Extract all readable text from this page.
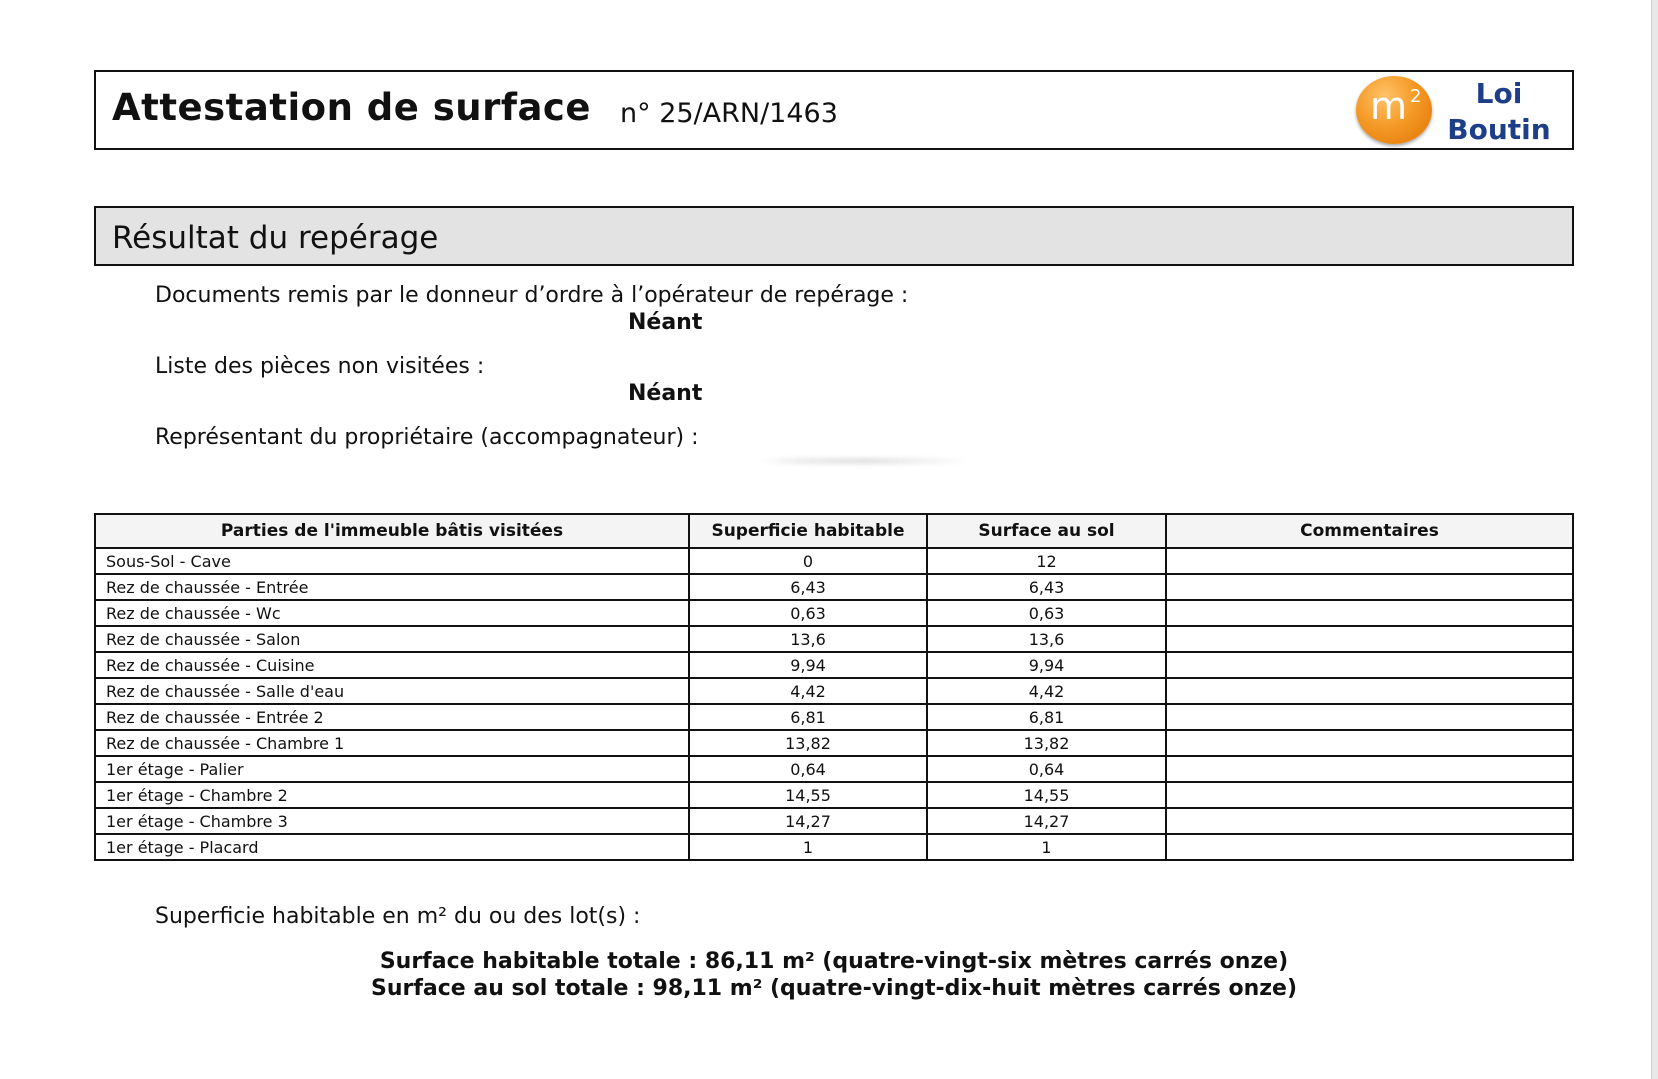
Attestation de surface n° 25/ARN/1463	m 2	Loi
Boutin
Résultat du repérage
Documents remis par le donneur d’ordre à l’opérateur de repérage :
Néant
Liste des pièces non visitées :
Néant
Représentant du propriétaire (accompagnateur) :
Parties de l'immeuble bâtis visitées	Superficie habitable	Surface au sol	Commentaires
Sous-Sol - Cave	0	12	
Rez de chaussée - Entrée	6,43	6,43	
Rez de chaussée - Wc	0,63	0,63	
Rez de chaussée - Salon	13,6	13,6	
Rez de chaussée - Cuisine	9,94	9,94	
Rez de chaussée - Salle d'eau	4,42	4,42	
Rez de chaussée - Entrée 2	6,81	6,81	
Rez de chaussée - Chambre 1	13,82	13,82	
1er étage - Palier	0,64	0,64	
1er étage - Chambre 2	14,55	14,55	
1er étage - Chambre 3	14,27	14,27	
1er étage - Placard	1	1	
Superficie habitable en m² du ou des lot(s) :
Surface habitable totale : 86,11 m² (quatre-vingt-six mètres carrés onze)
Surface au sol totale : 98,11 m² (quatre-vingt-dix-huit mètres carrés onze)
